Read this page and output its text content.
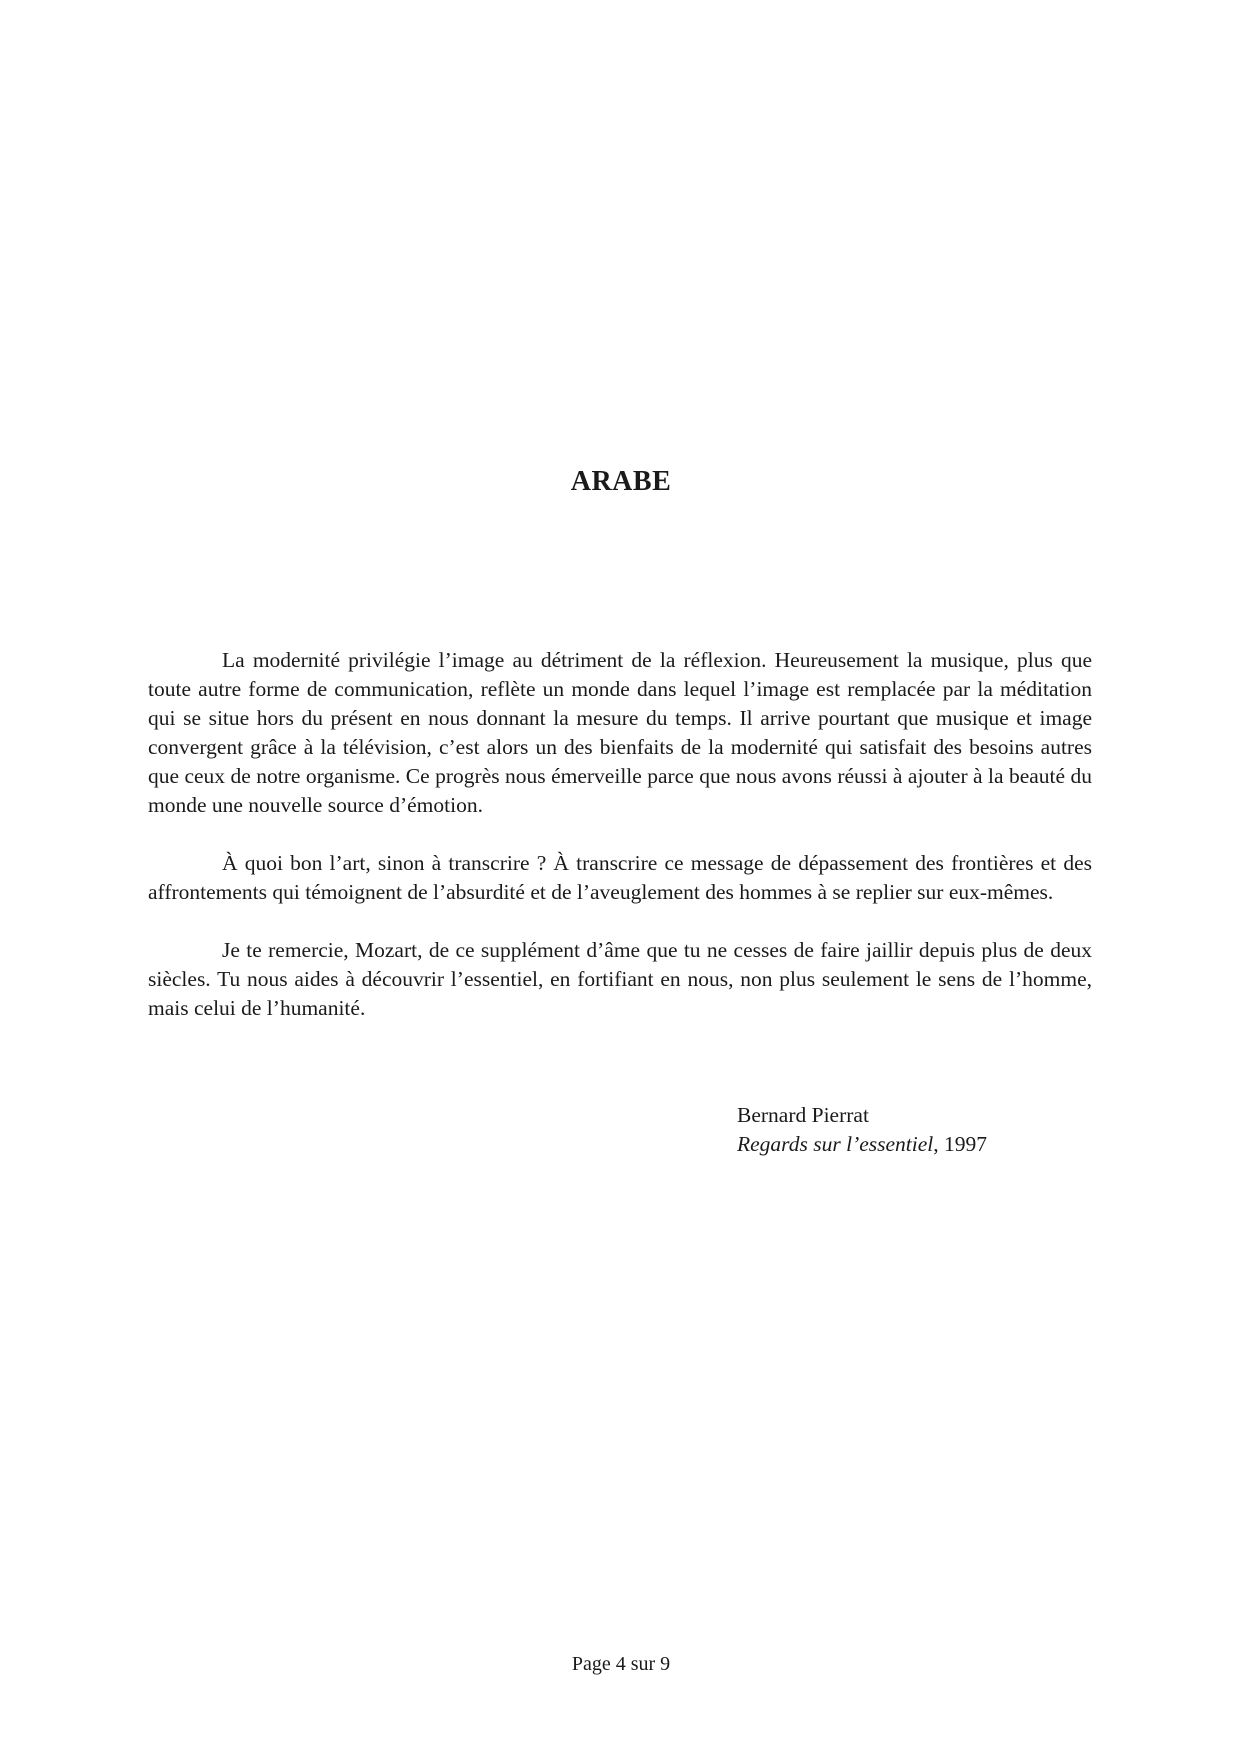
ARABE

La modernité privilégie l’image au détriment de la réflexion. Heureusement la musique, plus que toute autre forme de communication, reflète un monde dans lequel l’image est remplacée par la méditation qui se situe hors du présent en nous donnant la mesure du temps. Il arrive pourtant que musique et image convergent grâce à la télévision, c’est alors un des bienfaits de la modernité qui satisfait des besoins autres que ceux de notre organisme. Ce progrès nous émerveille parce que nous avons réussi à ajouter à la beauté du monde une nouvelle source d’émotion.

À quoi bon l’art, sinon à transcrire ? À transcrire ce message de dépassement des frontières et des affrontements qui témoignent de l’absurdité et de l’aveuglement des hommes à se replier sur eux-mêmes.

Je te remercie, Mozart, de ce supplément d’âme que tu ne cesses de faire jaillir depuis plus de deux siècles. Tu nous aides à découvrir l’essentiel, en fortifiant en nous, non plus seulement le sens de l’homme, mais celui de l’humanité.

Bernard Pierrat
Regards sur l’essentiel, 1997
Page 4 sur 9
